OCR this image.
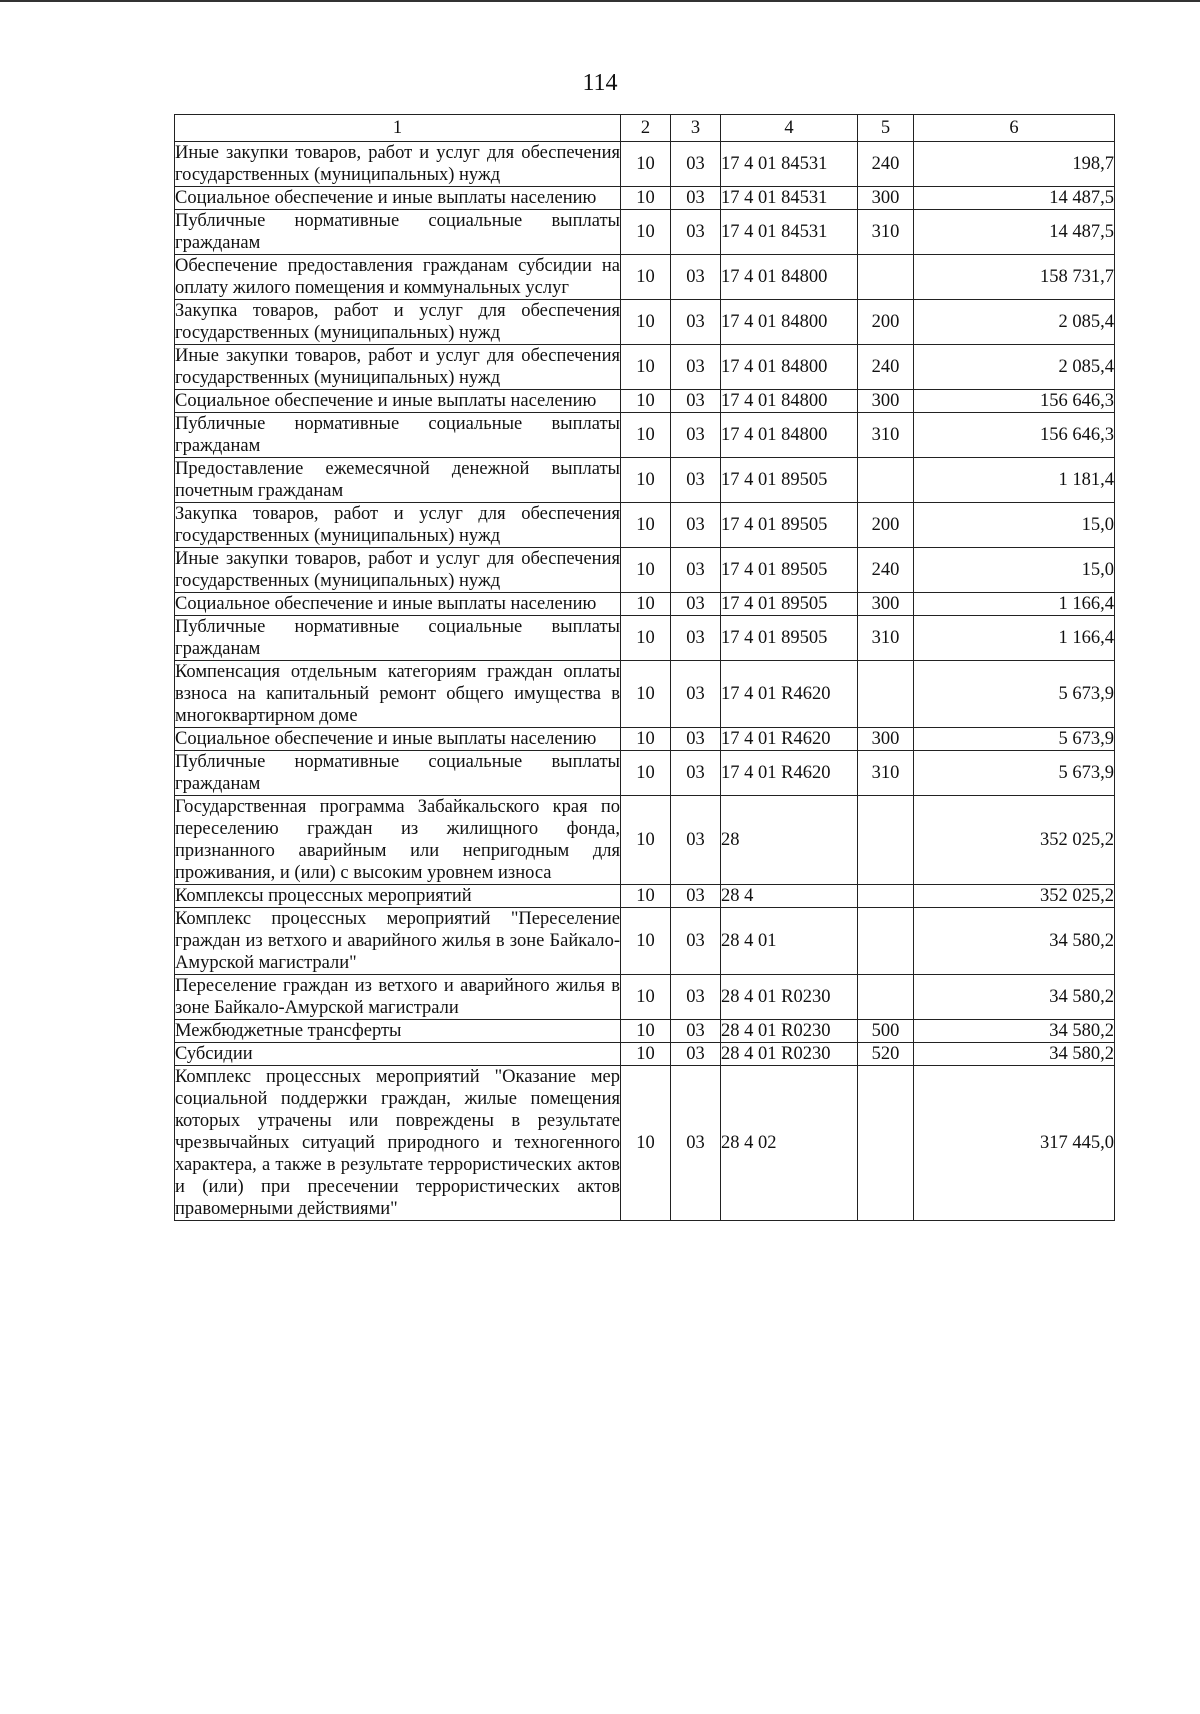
114
1	2	3	4	5	6

Иные закупки товаров, работ и услуг для обеспечения государственных (муниципальных) нужд	10	03	17 4 01 84531	240	198,7

Социальное обеспечение и иные выплаты населению	10	03	17 4 01 84531	300	14 487,5

Публичные нормативные социальные выплаты гражданам	10	03	17 4 01 84531	310	14 487,5

Обеспечение предоставления гражданам субсидии на оплату жилого помещения и коммунальных услуг	10	03	17 4 01 84800		158 731,7

Закупка товаров, работ и услуг для обеспечения государственных (муниципальных) нужд	10	03	17 4 01 84800	200	2 085,4

Иные закупки товаров, работ и услуг для обеспечения государственных (муниципальных) нужд	10	03	17 4 01 84800	240	2 085,4

Социальное обеспечение и иные выплаты населению	10	03	17 4 01 84800	300	156 646,3

Публичные нормативные социальные выплаты гражданам	10	03	17 4 01 84800	310	156 646,3

Предоставление ежемесячной денежной выплаты почетным гражданам	10	03	17 4 01 89505		1 181,4

Закупка товаров, работ и услуг для обеспечения государственных (муниципальных) нужд	10	03	17 4 01 89505	200	15,0

Иные закупки товаров, работ и услуг для обеспечения государственных (муниципальных) нужд	10	03	17 4 01 89505	240	15,0

Социальное обеспечение и иные выплаты населению	10	03	17 4 01 89505	300	1 166,4

Публичные нормативные социальные выплаты гражданам	10	03	17 4 01 89505	310	1 166,4

Компенсация отдельным категориям граждан оплаты взноса на капитальный ремонт общего имущества в многоквартирном доме	10	03	17 4 01 R4620		5 673,9

Социальное обеспечение и иные выплаты населению	10	03	17 4 01 R4620	300	5 673,9

Публичные нормативные социальные выплаты гражданам	10	03	17 4 01 R4620	310	5 673,9

Государственная программа Забайкальского края по переселению граждан из жилищного фонда, признанного аварийным или непригодным для проживания, и (или) с высоким уровнем износа	10	03	28		352 025,2

Комплексы процессных мероприятий	10	03	28 4		352 025,2

Комплекс процессных мероприятий "Переселение граждан из ветхого и аварийного жилья в зоне Байкало-Амурской магистрали"	10	03	28 4 01		34 580,2

Переселение граждан из ветхого и аварийного жилья в зоне Байкало-Амурской магистрали	10	03	28 4 01 R0230		34 580,2

Межбюджетные трансферты	10	03	28 4 01 R0230	500	34 580,2

Субсидии	10	03	28 4 01 R0230	520	34 580,2

Комплекс процессных мероприятий "Оказание мер социальной поддержки граждан, жилые помещения которых утрачены или повреждены в результате чрезвычайных ситуаций природного и техногенного характера, а также в результате террористических актов и (или) при пресечении террористических актов правомерными действиями"	10	03	28 4 02		317 445,0
